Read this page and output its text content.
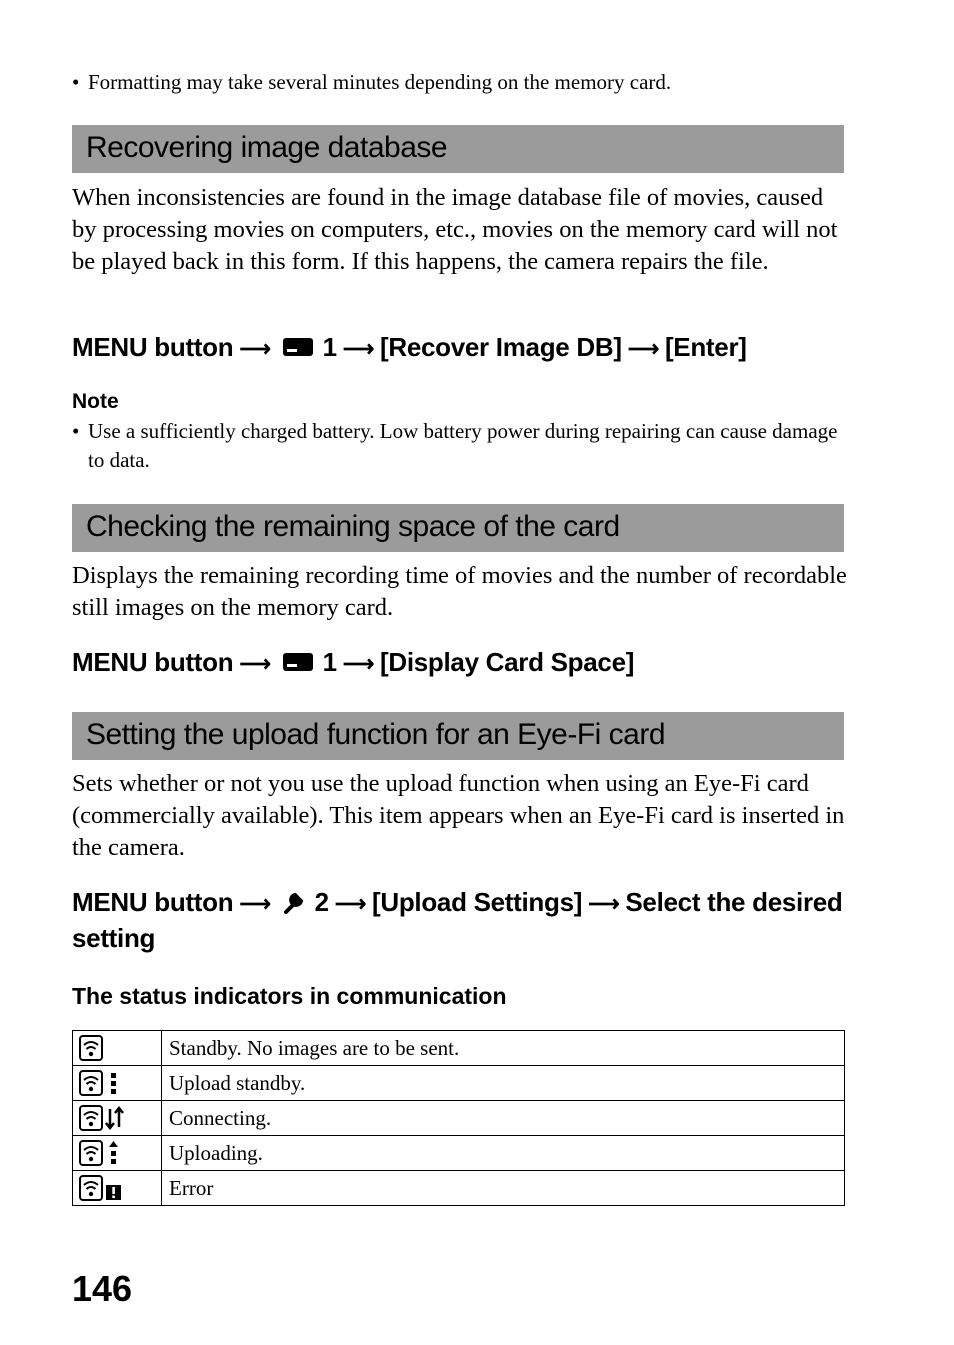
• Formatting may take several minutes depending on the memory card.
Recovering image database
When inconsistencies are found in the image database file of movies, caused by processing movies on computers, etc., movies on the memory card will not be played back in this form. If this happens, the camera repairs the file.
MENU button ⟶ 1 ⟶ [Recover Image DB] ⟶ [Enter]
Note
• Use a sufficiently charged battery. Low battery power during repairing can cause damage to data.
Checking the remaining space of the card
Displays the remaining recording time of movies and the number of recordable still images on the memory card.
MENU button ⟶ 1 ⟶ [Display Card Space]
Setting the upload function for an Eye-Fi card
Sets whether or not you use the upload function when using an Eye-Fi card (commercially available). This item appears when an Eye-Fi card is inserted in the camera.
MENU button ⟶ 2 ⟶ [Upload Settings] ⟶ Select the desired setting
The status indicators in communication
	Standby. No images are to be sent.

	Upload standby.

	Connecting.

	Uploading.

	Error
146
